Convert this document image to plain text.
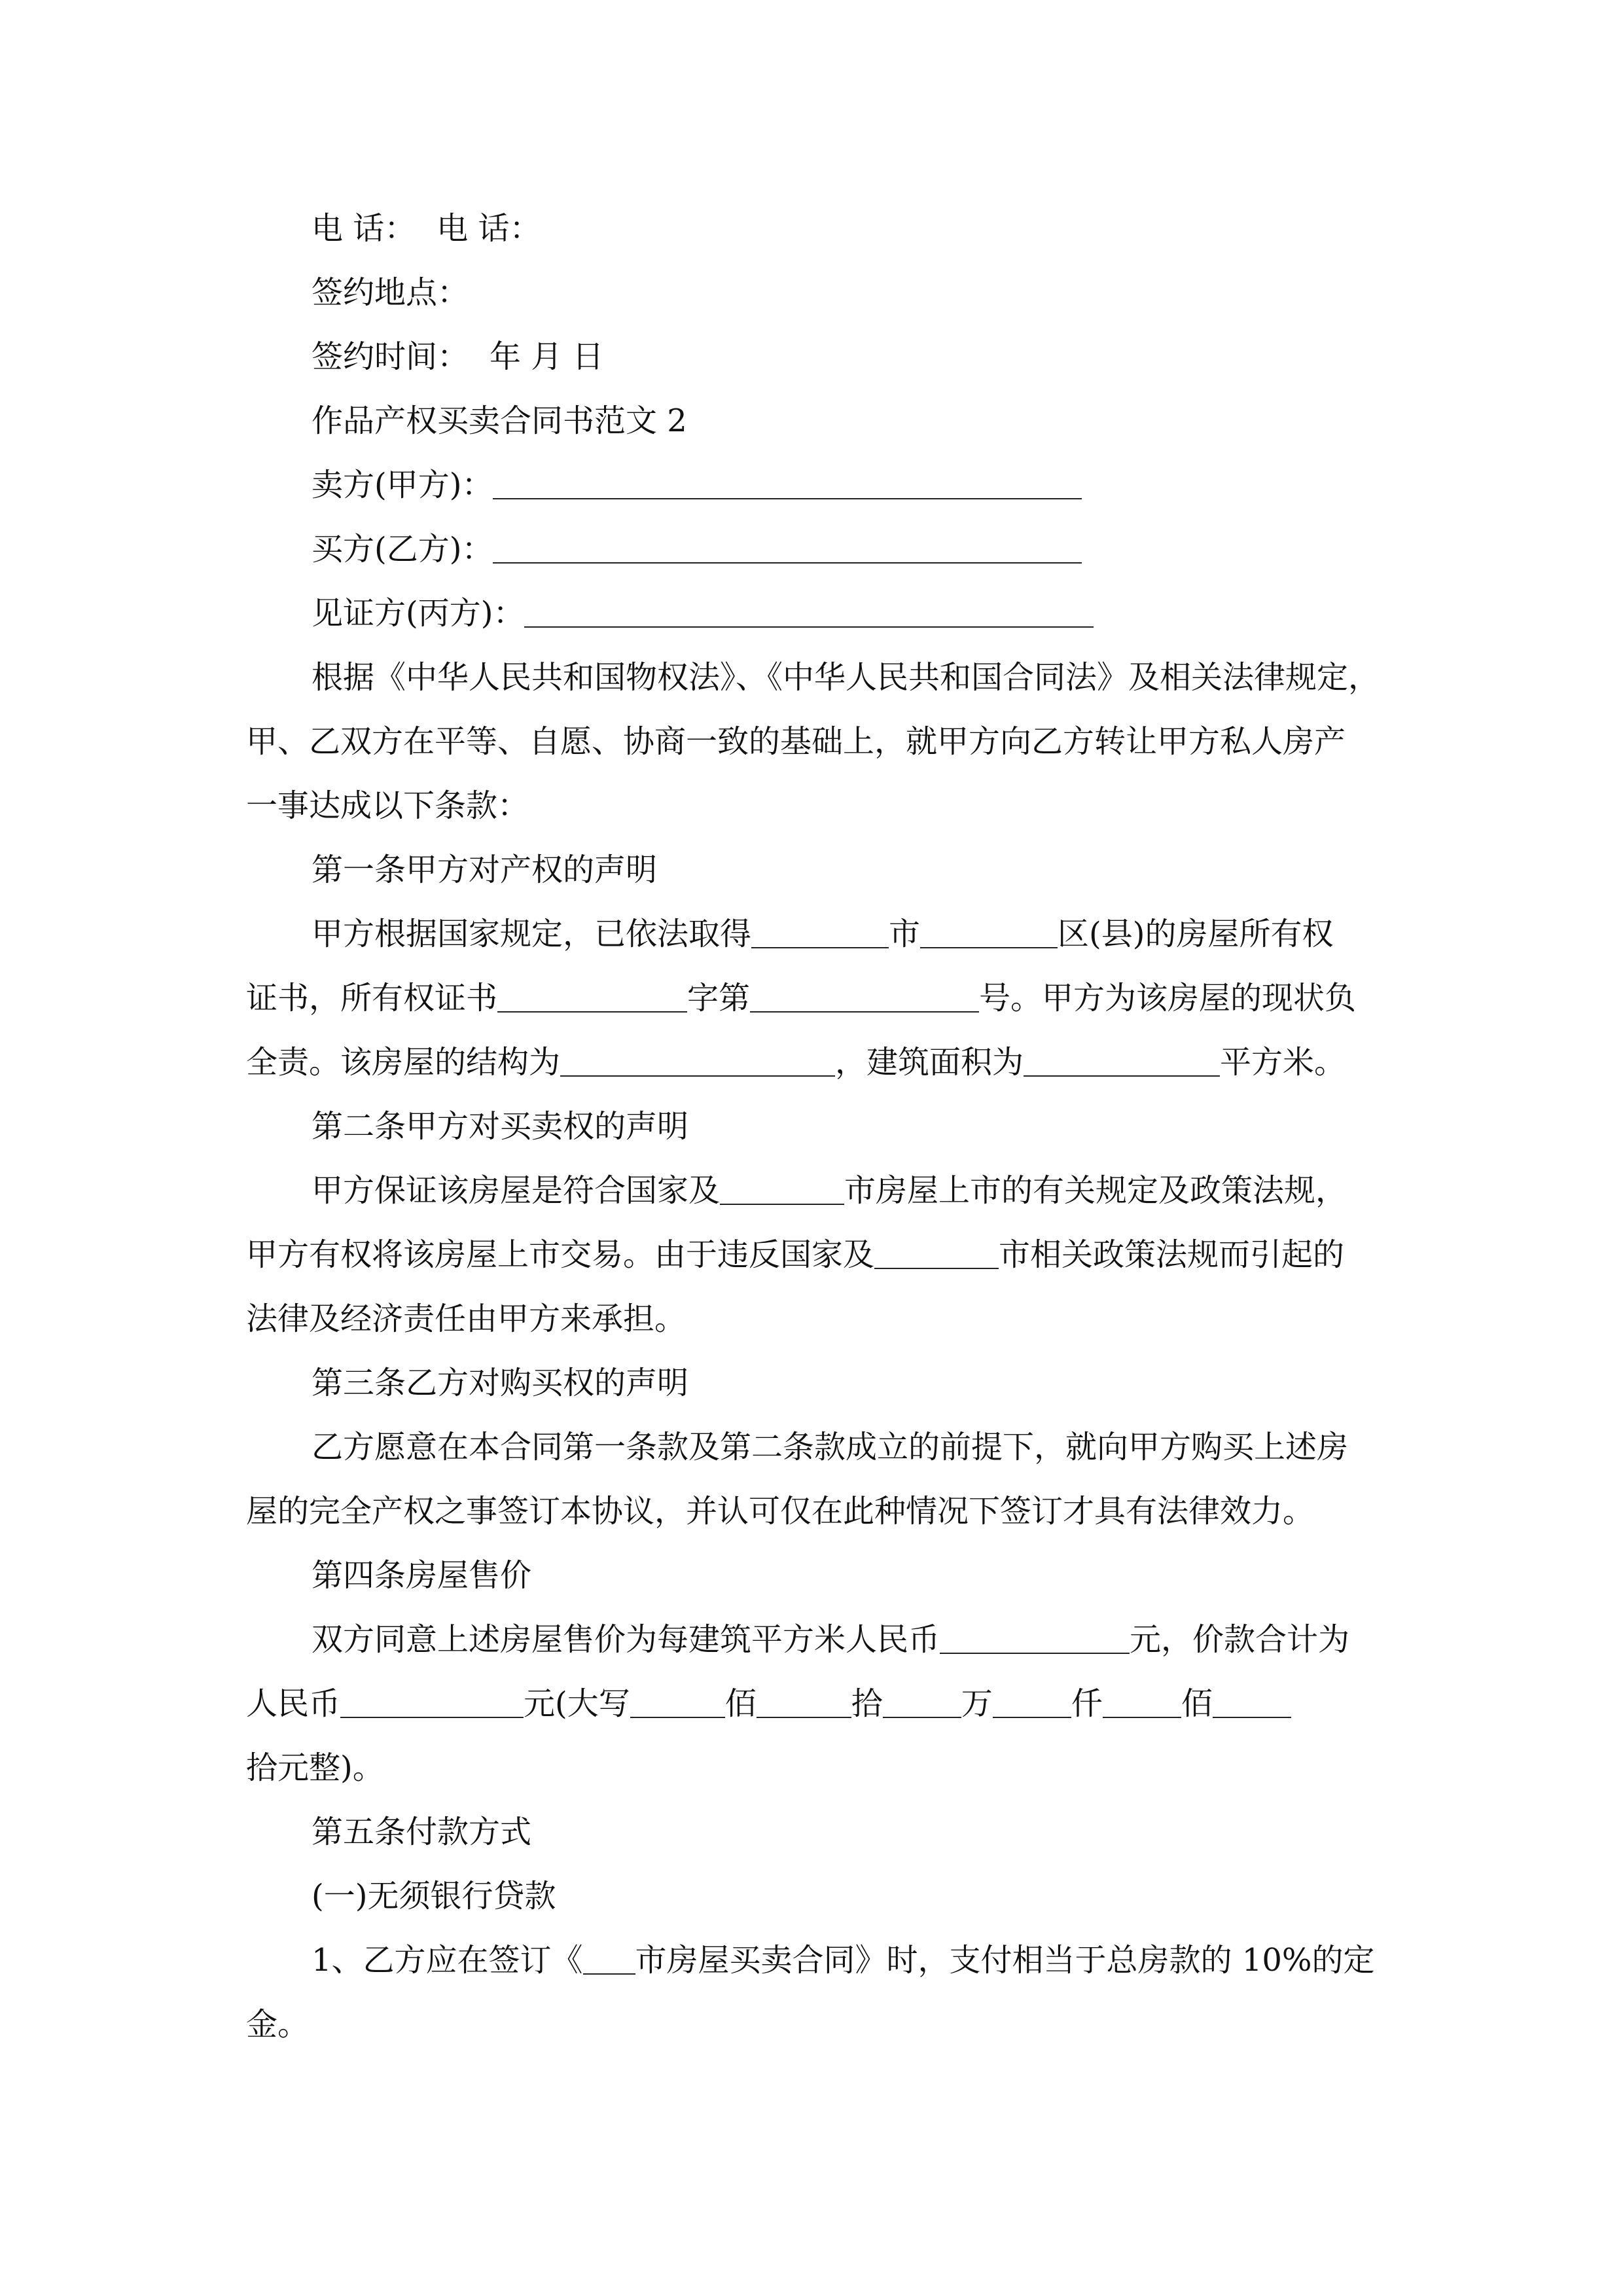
电 话： 电 话：
签约地点：
签约时间： 年 月 日
作品产权买卖合同书范文 2
卖方(甲方)：
买方(乙方)：
见证方(丙方)：
根据《中华人民共和国物权法》、《中华人民共和国合同法》及相关法律规定，
甲、乙双方在平等、自愿、协商一致的基础上，就甲方向乙方转让甲方私人房产
一事达成以下条款：
第一条甲方对产权的声明
甲方根据国家规定，已依法取得	市	区(县)的房屋所有权
证书，所有权证书	字第	号。甲方为该房屋的现状负
全责。该房屋的结构为	，建筑面积为	平方米。
第二条甲方对买卖权的声明
甲方保证该房屋是符合国家及	市房屋上市的有关规定及政策法规，
甲方有权将该房屋上市交易。由于违反国家及	市相关政策法规而引起的
法律及经济责任由甲方来承担。
第三条乙方对购买权的声明
乙方愿意在本合同第一条款及第二条款成立的前提下，就向甲方购买上述房
屋的完全产权之事签订本协议，并认可仅在此种情况下签订才具有法律效力。
第四条房屋售价
双方同意上述房屋售价为每建筑平方米人民币	元，价款合计为
人民币	元(大写	佰	拾	万	仟	佰
拾元整)。
第五条付款方式
(一)无须银行贷款
1、乙方应在签订《 市房屋买卖合同》时，支付相当于总房款的 10%的定
金。
